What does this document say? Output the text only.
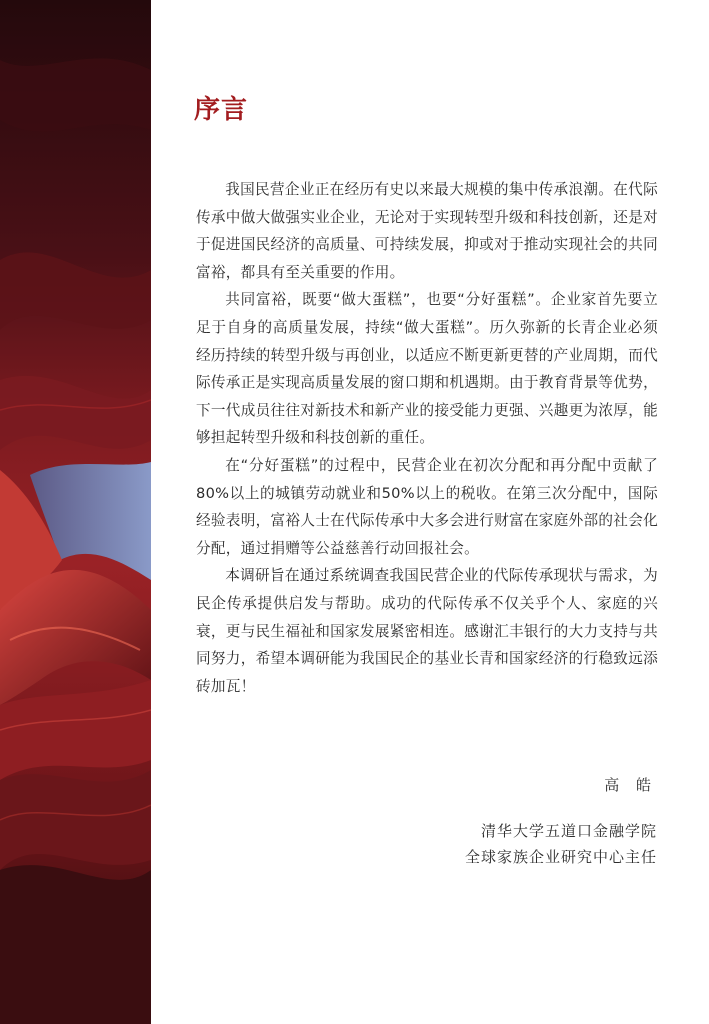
序言

我国民营企业正在经历有史以来最大规模的集中传承浪潮。在代际传承中做大做强实业企业，无论对于实现转型升级和科技创新，还是对于促进国民经济的高质量、可持续发展，抑或对于推动实现社会的共同富裕，都具有至关重要的作用。

共同富裕，既要“做大蛋糕”，也要“分好蛋糕”。企业家首先要立足于自身的高质量发展，持续“做大蛋糕”。历久弥新的长青企业必须经历持续的转型升级与再创业，以适应不断更新更替的产业周期，而代际传承正是实现高质量发展的窗口期和机遇期。由于教育背景等优势，下一代成员往往对新技术和新产业的接受能力更强、兴趣更为浓厚，能够担起转型升级和科技创新的重任。

在“分好蛋糕”的过程中，民营企业在初次分配和再分配中贡献了80%以上的城镇劳动就业和50%以上的税收。在第三次分配中，国际经验表明，富裕人士在代际传承中大多会进行财富在家庭外部的社会化分配，通过捐赠等公益慈善行动回报社会。

本调研旨在通过系统调查我国民营企业的代际传承现状与需求，为民企传承提供启发与帮助。成功的代际传承不仅关乎个人、家庭的兴衰，更与民生福祉和国家发展紧密相连。感谢汇丰银行的大力支持与共同努力，希望本调研能为我国民企的基业长青和国家经济的行稳致远添砖加瓦！

高 皓

清华大学五道口金融学院
全球家族企业研究中心主任
